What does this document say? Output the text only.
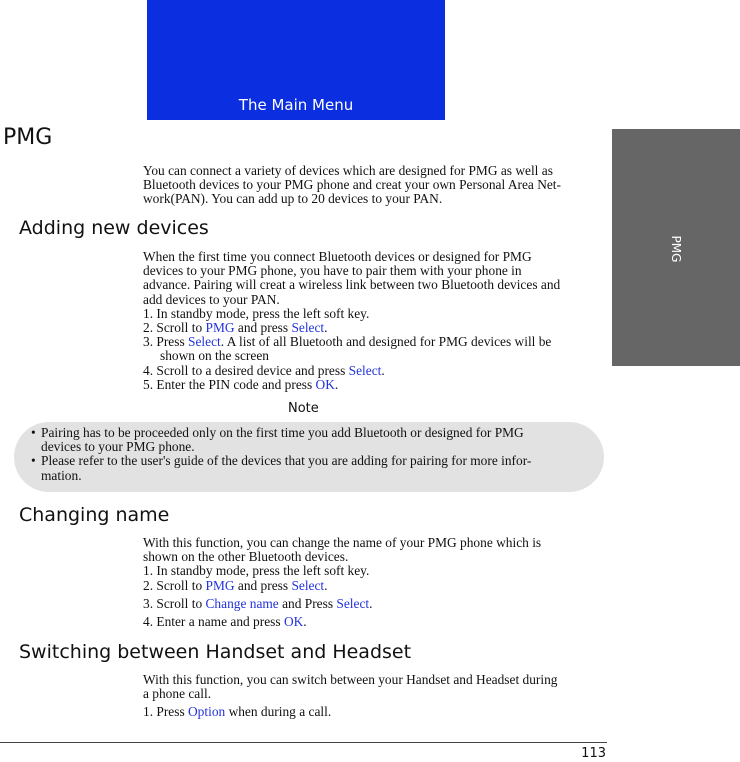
The Main Menu
PMG
PMG
You can connect a variety of devices which are designed for PMG as well as
Bluetooth devices to your PMG phone and creat your own Personal Area Net-
work(PAN). You can add up to 20 devices to your PAN.
Adding new devices
When the first time you connect Bluetooth devices or designed for PMG
devices to your PMG phone, you have to pair them with your phone in
advance. Pairing will creat a wireless link between two Bluetooth devices and
add devices to your PAN.
1. In standby mode, press the left soft key.
2. Scroll to PMG and press Select.
3. Press Select. A list of all Bluetooth and designed for PMG devices will be
shown on the screen
4. Scroll to a desired device and press Select.
5. Enter the PIN code and press OK.
Note
• Pairing has to be proceeded only on the first time you add Bluetooth or designed for PMG
devices to your PMG phone.
• Please refer to the user's guide of the devices that you are adding for pairing for more infor-
mation.
Changing name
With this function, you can change the name of your PMG phone which is
shown on the other Bluetooth devices.
1. In standby mode, press the left soft key.
2. Scroll to PMG and press Select.
3. Scroll to Change name and Press Select.
4. Enter a name and press OK.
Switching between Handset and Headset
With this function, you can switch between your Handset and Headset during
a phone call.
1. Press Option when during a call.
113
